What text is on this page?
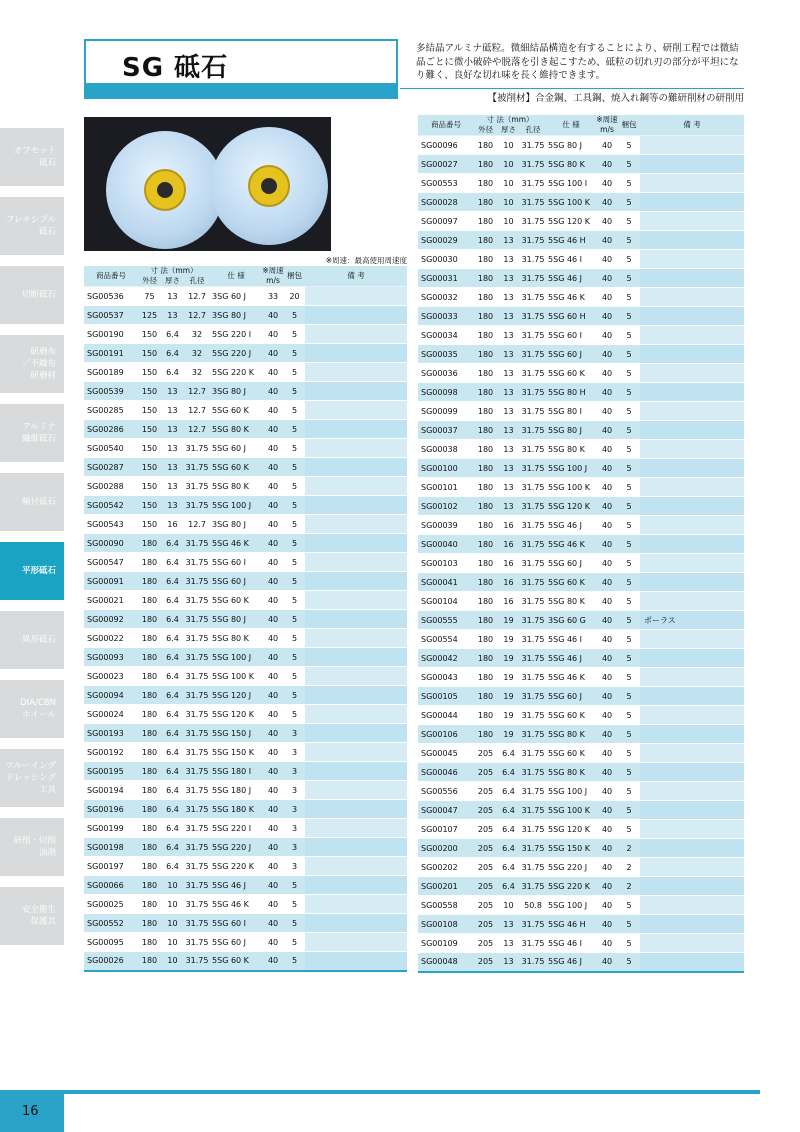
オフセット
砥石
フレキシブル
砥石
切断砥石
研磨布
／不織布
研磨材
アルミナ
繊維砥石
軸付砥石
平形砥石
異形砥石
DIA/CBN
ホイール
ツルーイング
ドレッシング
工具
研削・切削
油剤
安全衛生
保護具
SG 砥石
多結晶アルミナ砥粒。微細結晶構造を有することにより、研削工程では微結晶ごとに微小破砕や脱落を引き起こすため、砥粒の切れ刃の部分が平坦になり難く、良好な切れ味を長く維持できます。
【被削材】合金鋼、工具鋼、焼入れ鋼等の難研削材の研削用
※周速：最高使用周速度
商品番号	寸 法（mm）			仕 様	※周速
m/s	梱包	備 考
	外径	厚さ	孔径				
SG00536	75	13	12.7	3SG 60 J	33	20	
SG00537	125	13	12.7	3SG 80 J	40	5	
SG00190	150	6.4	32	5SG 220 I	40	5	
SG00191	150	6.4	32	5SG 220 J	40	5	
SG00189	150	6.4	32	5SG 220 K	40	5	
SG00539	150	13	12.7	3SG 80 J	40	5	
SG00285	150	13	12.7	5SG 60 K	40	5	
SG00286	150	13	12.7	5SG 80 K	40	5	
SG00540	150	13	31.75	5SG 60 J	40	5	
SG00287	150	13	31.75	5SG 60 K	40	5	
SG00288	150	13	31.75	5SG 80 K	40	5	
SG00542	150	13	31.75	5SG 100 J	40	5	
SG00543	150	16	12.7	3SG 80 J	40	5	
SG00090	180	6.4	31.75	5SG 46 K	40	5	
SG00547	180	6.4	31.75	5SG 60 I	40	5	
SG00091	180	6.4	31.75	5SG 60 J	40	5	
SG00021	180	6.4	31.75	5SG 60 K	40	5	
SG00092	180	6.4	31.75	5SG 80 J	40	5	
SG00022	180	6.4	31.75	5SG 80 K	40	5	
SG00093	180	6.4	31.75	5SG 100 J	40	5	
SG00023	180	6.4	31.75	5SG 100 K	40	5	
SG00094	180	6.4	31.75	5SG 120 J	40	5	
SG00024	180	6.4	31.75	5SG 120 K	40	5	
SG00193	180	6.4	31.75	5SG 150 J	40	3	
SG00192	180	6.4	31.75	5SG 150 K	40	3	
SG00195	180	6.4	31.75	5SG 180 I	40	3	
SG00194	180	6.4	31.75	5SG 180 J	40	3	
SG00196	180	6.4	31.75	5SG 180 K	40	3	
SG00199	180	6.4	31.75	5SG 220 I	40	3	
SG00198	180	6.4	31.75	5SG 220 J	40	3	
SG00197	180	6.4	31.75	5SG 220 K	40	3	
SG00066	180	10	31.75	5SG 46 J	40	5	
SG00025	180	10	31.75	5SG 46 K	40	5	
SG00552	180	10	31.75	5SG 60 I	40	5	
SG00095	180	10	31.75	5SG 60 J	40	5	
SG00026	180	10	31.75	5SG 60 K	40	5	
商品番号	寸 法（mm）			仕 様	※周速
m/s	梱包	備 考
	外径	厚さ	孔径				
SG00096	180	10	31.75	5SG 80 J	40	5	
SG00027	180	10	31.75	5SG 80 K	40	5	
SG00553	180	10	31.75	5SG 100 I	40	5	
SG00028	180	10	31.75	5SG 100 K	40	5	
SG00097	180	10	31.75	5SG 120 K	40	5	
SG00029	180	13	31.75	5SG 46 H	40	5	
SG00030	180	13	31.75	5SG 46 I	40	5	
SG00031	180	13	31.75	5SG 46 J	40	5	
SG00032	180	13	31.75	5SG 46 K	40	5	
SG00033	180	13	31.75	5SG 60 H	40	5	
SG00034	180	13	31.75	5SG 60 I	40	5	
SG00035	180	13	31.75	5SG 60 J	40	5	
SG00036	180	13	31.75	5SG 60 K	40	5	
SG00098	180	13	31.75	5SG 80 H	40	5	
SG00099	180	13	31.75	5SG 80 I	40	5	
SG00037	180	13	31.75	5SG 80 J	40	5	
SG00038	180	13	31.75	5SG 80 K	40	5	
SG00100	180	13	31.75	5SG 100 J	40	5	
SG00101	180	13	31.75	5SG 100 K	40	5	
SG00102	180	13	31.75	5SG 120 K	40	5	
SG00039	180	16	31.75	5SG 46 J	40	5	
SG00040	180	16	31.75	5SG 46 K	40	5	
SG00103	180	16	31.75	5SG 60 J	40	5	
SG00041	180	16	31.75	5SG 60 K	40	5	
SG00104	180	16	31.75	5SG 80 K	40	5	
SG00555	180	19	31.75	3SG 60 G	40	5	ポーラス
SG00554	180	19	31.75	5SG 46 I	40	5	
SG00042	180	19	31.75	5SG 46 J	40	5	
SG00043	180	19	31.75	5SG 46 K	40	5	
SG00105	180	19	31.75	5SG 60 J	40	5	
SG00044	180	19	31.75	5SG 60 K	40	5	
SG00106	180	19	31.75	5SG 80 K	40	5	
SG00045	205	6.4	31.75	5SG 60 K	40	5	
SG00046	205	6.4	31.75	5SG 80 K	40	5	
SG00556	205	6.4	31.75	5SG 100 J	40	5	
SG00047	205	6.4	31.75	5SG 100 K	40	5	
SG00107	205	6.4	31.75	5SG 120 K	40	5	
SG00200	205	6.4	31.75	5SG 150 K	40	2	
SG00202	205	6.4	31.75	5SG 220 J	40	2	
SG00201	205	6.4	31.75	5SG 220 K	40	2	
SG00558	205	10	50.8	5SG 100 J	40	5	
SG00108	205	13	31.75	5SG 46 H	40	5	
SG00109	205	13	31.75	5SG 46 I	40	5	
SG00048	205	13	31.75	5SG 46 J	40	5	
16
